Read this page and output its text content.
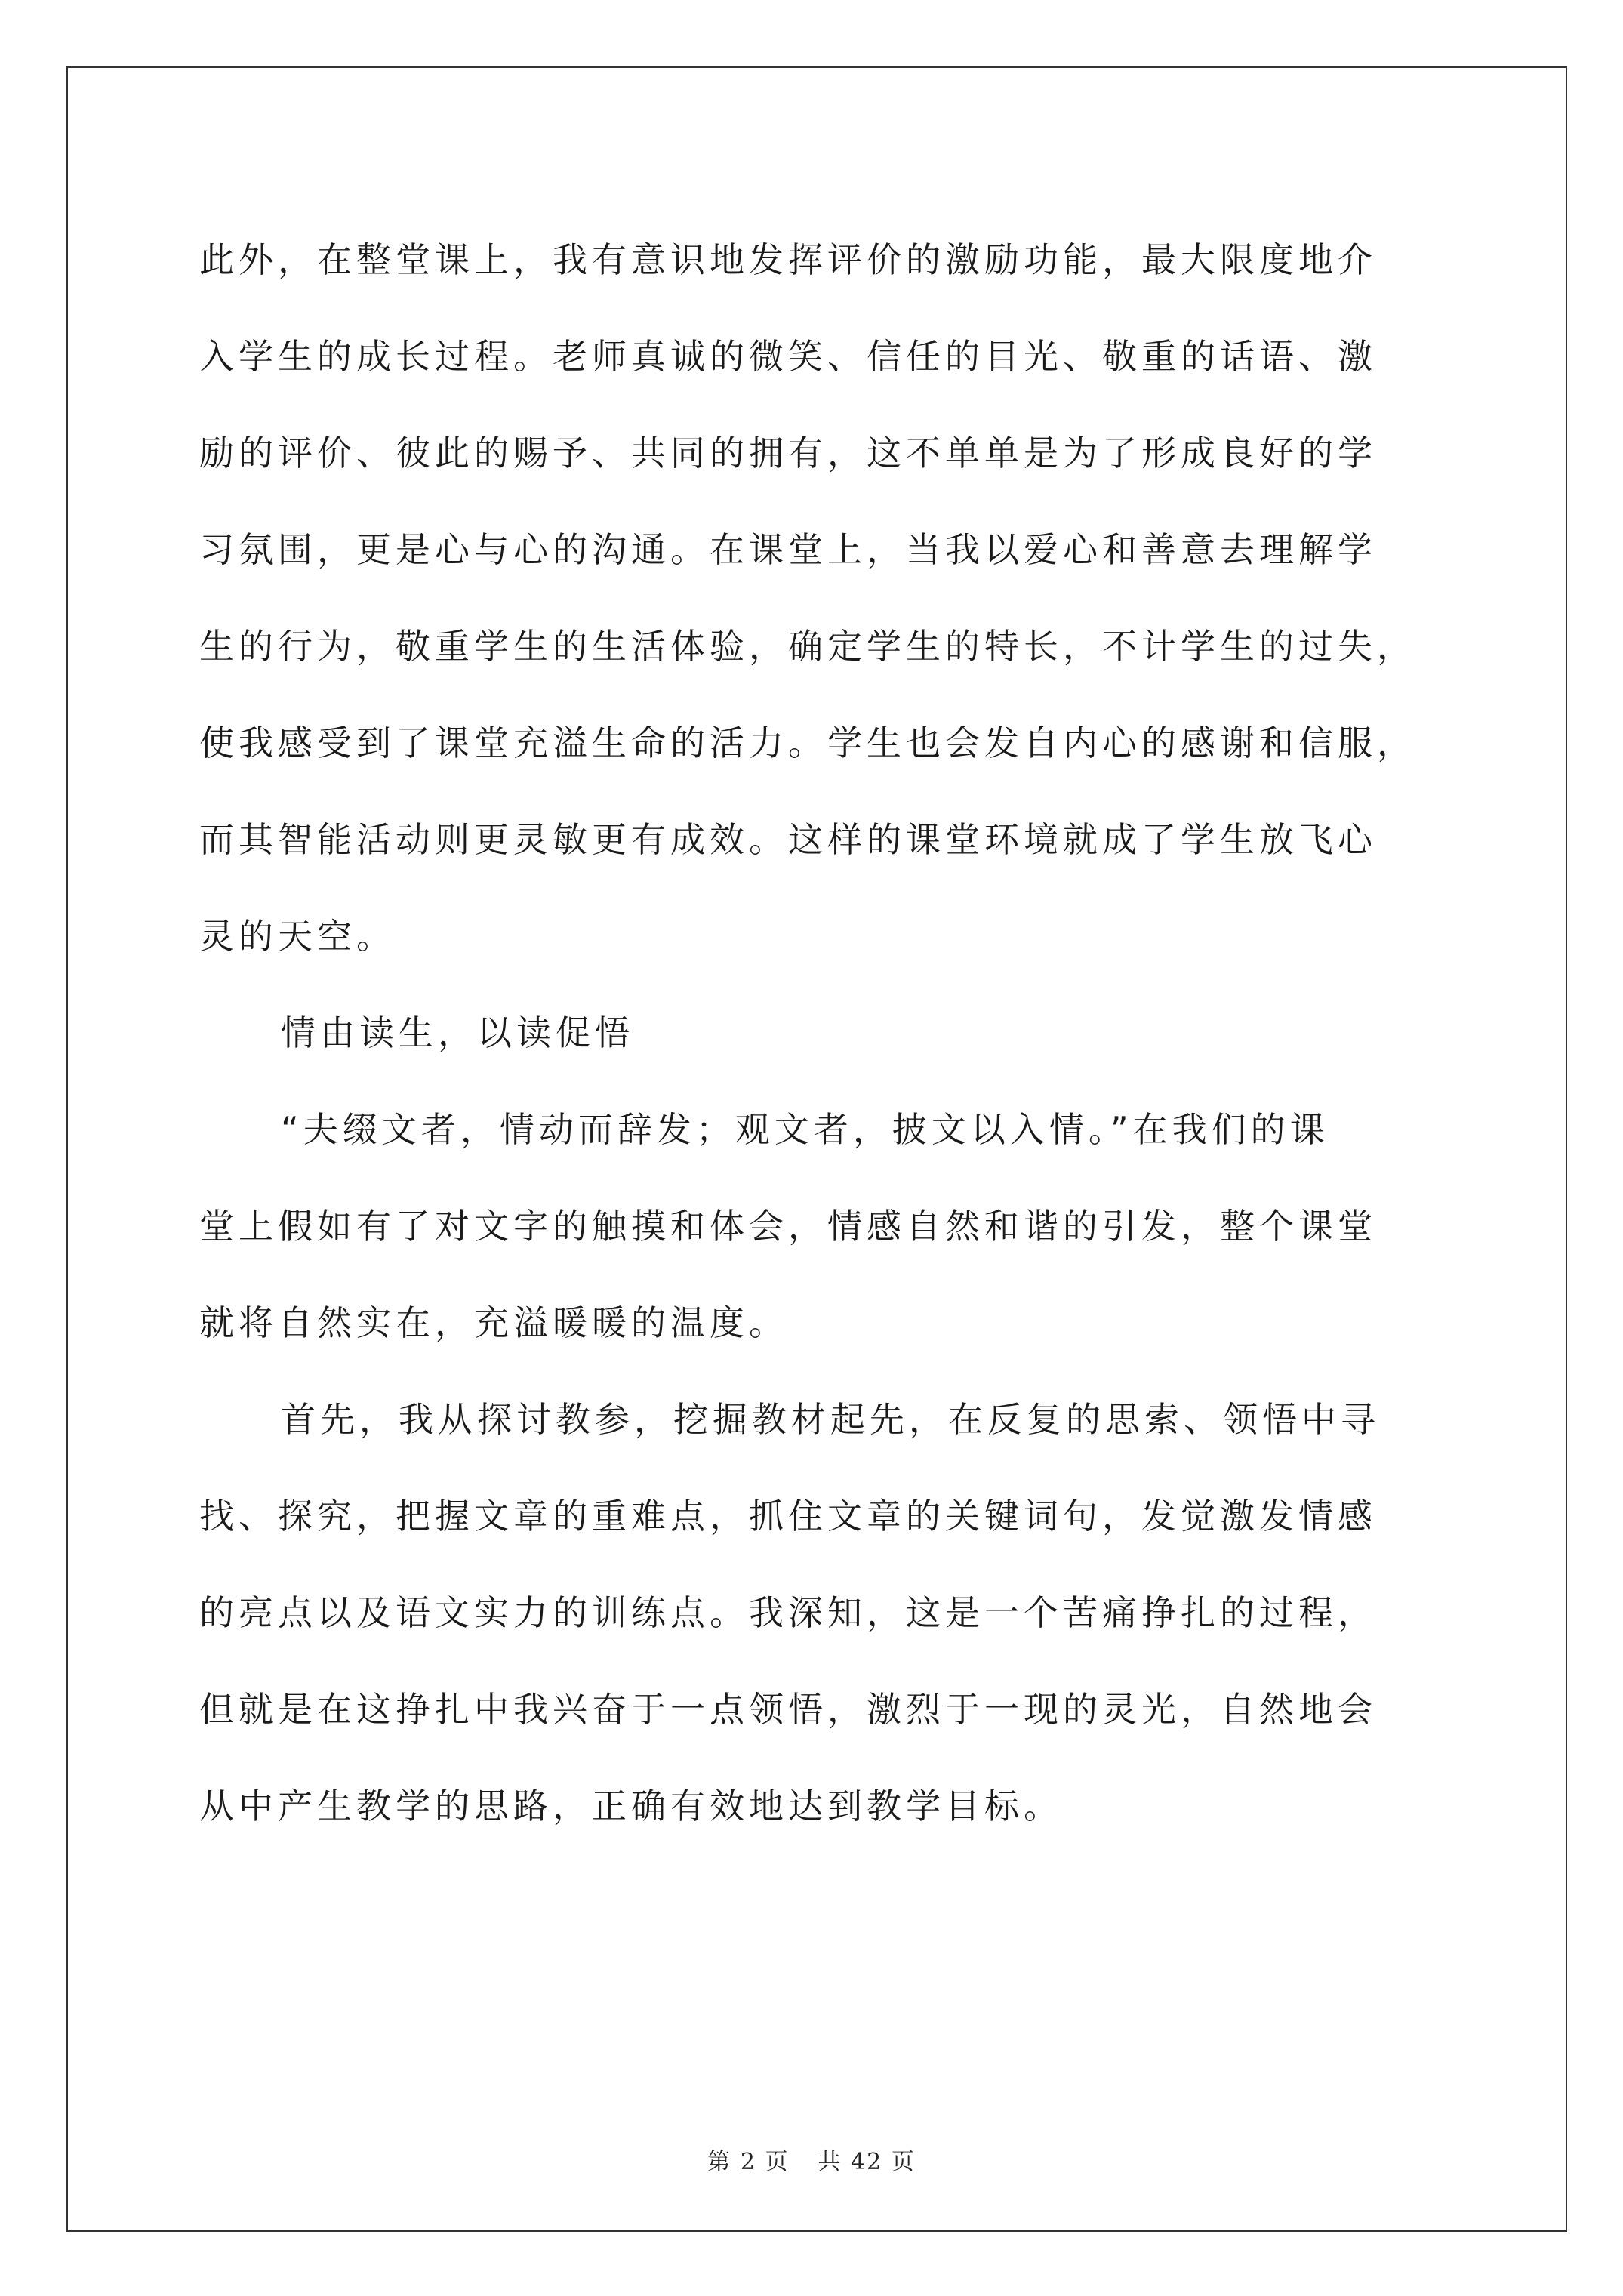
此外，在整堂课上，我有意识地发挥评价的激励功能，最大限度地介
入学生的成长过程。老师真诚的微笑、信任的目光、敬重的话语、激
励的评价、彼此的赐予、共同的拥有，这不单单是为了形成良好的学
习氛围，更是心与心的沟通。在课堂上，当我以爱心和善意去理解学
生的行为，敬重学生的生活体验，确定学生的特长，不计学生的过失，
使我感受到了课堂充溢生命的活力。学生也会发自内心的感谢和信服，
而其智能活动则更灵敏更有成效。这样的课堂环境就成了学生放飞心
灵的天空。
情由读生，以读促悟
“夫缀文者，情动而辞发；观文者，披文以入情。”在我们的课
堂上假如有了对文字的触摸和体会，情感自然和谐的引发，整个课堂
就将自然实在，充溢暖暖的温度。
首先，我从探讨教参，挖掘教材起先，在反复的思索、领悟中寻
找、探究，把握文章的重难点，抓住文章的关键词句，发觉激发情感
的亮点以及语文实力的训练点。我深知，这是一个苦痛挣扎的过程，
但就是在这挣扎中我兴奋于一点领悟，激烈于一现的灵光，自然地会
从中产生教学的思路，正确有效地达到教学目标。
第 2 页 共 42 页
